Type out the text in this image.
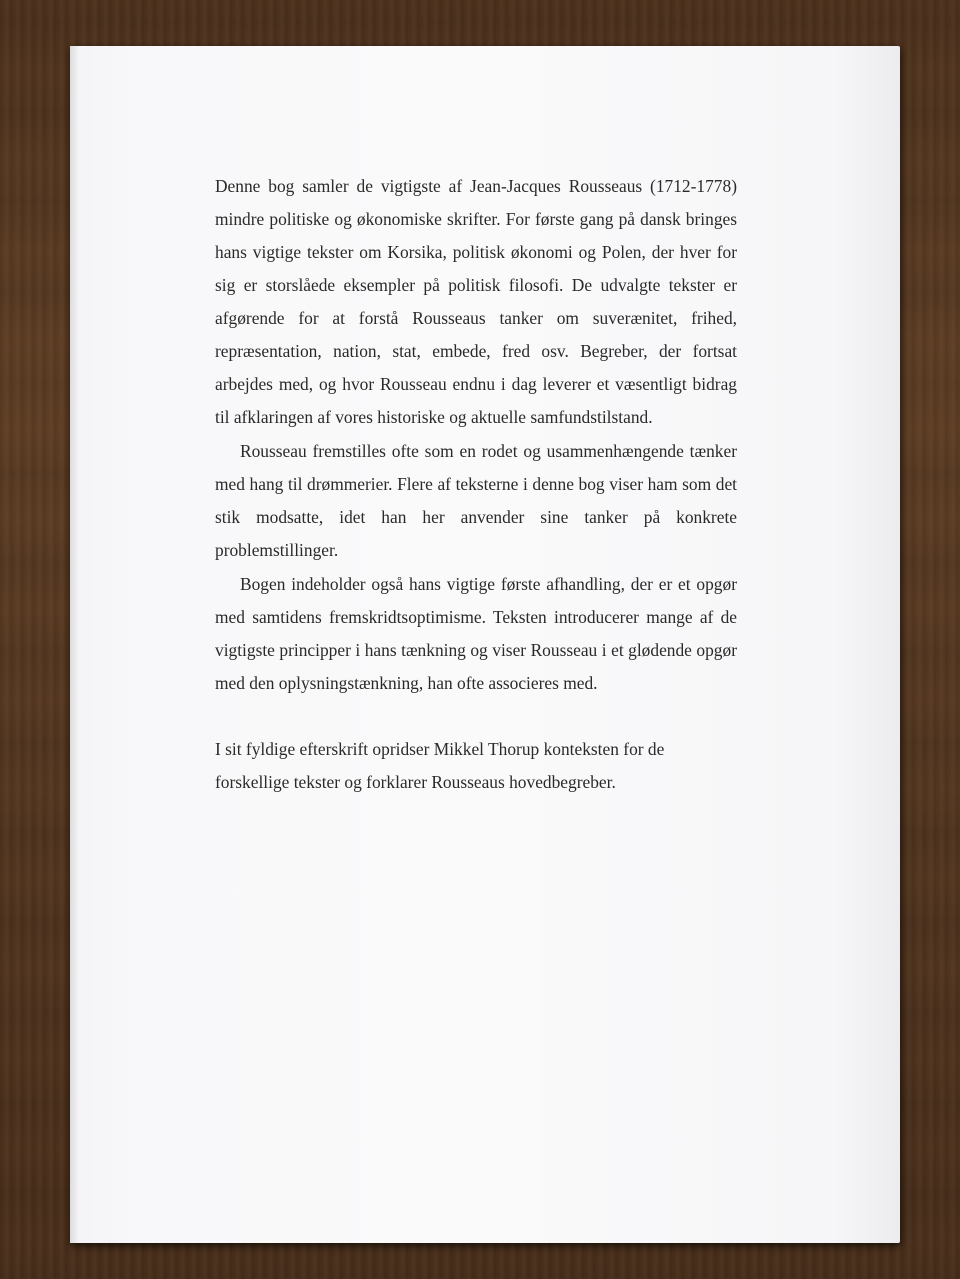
Denne bog samler de vigtigste af Jean-Jacques Rousseaus (1712-1778) mindre politiske og økonomiske skrifter. For første gang på dansk bringes hans vigtige tekster om Korsika, politisk økonomi og Polen, der hver for sig er storslåede eksempler på politisk filosofi. De udvalgte tekster er afgørende for at forstå Rousseaus tanker om suverænitet, frihed, repræsentation, nation, stat, embede, fred osv. Begreber, der fortsat arbejdes med, og hvor Rousseau endnu i dag leverer et væsentligt bidrag til afklaringen af vores historiske og aktuelle samfundstilstand.

Rousseau fremstilles ofte som en rodet og usammenhængende tænker med hang til drømmerier. Flere af teksterne i denne bog viser ham som det stik modsatte, idet han her anvender sine tanker på konkrete problemstillinger.

Bogen indeholder også hans vigtige første afhandling, der er et opgør med samtidens fremskridtsoptimisme. Teksten introducerer mange af de vigtigste principper i hans tænkning og viser Rousseau i et glødende opgør med den oplysningstænkning, han ofte associeres med.

I sit fyldige efterskrift opridser Mikkel Thorup konteksten for de forskellige tekster og forklarer Rousseaus hovedbegreber.
